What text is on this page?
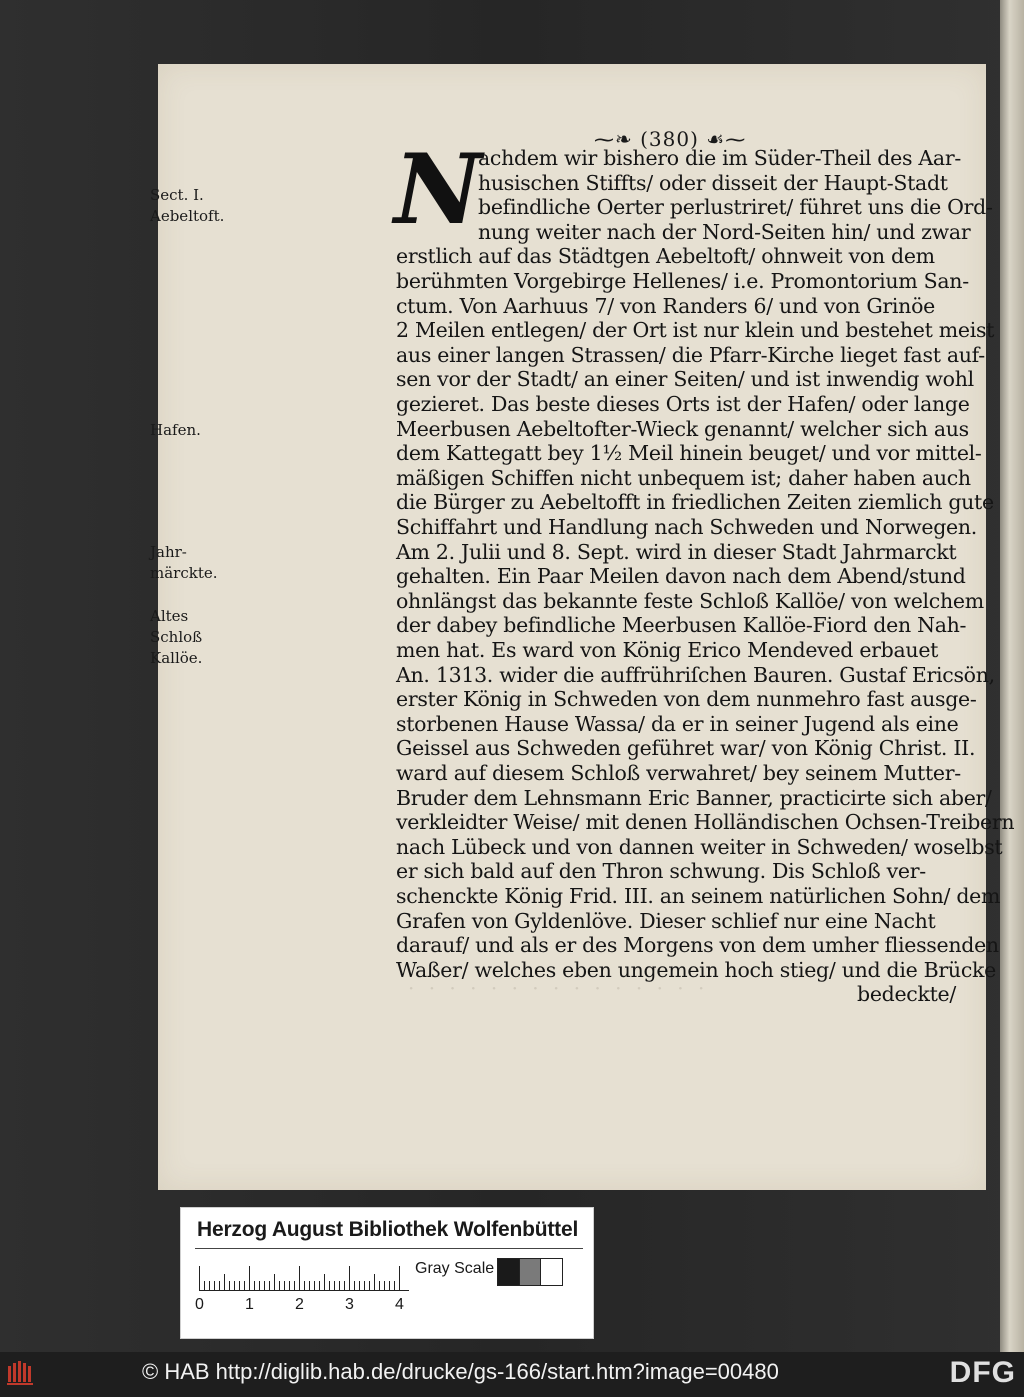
⁓❧ (380) ☙⁓
N
achdem wir bishero die im Süder-Theil des Aar-
husischen Stiffts/ oder disseit der Haupt-Stadt
befindliche Oerter perlustriret/ führet uns die Ord-
nung weiter nach der Nord-Seiten hin/ und zwar
erstlich auf das Städtgen Aebeltoft/ ohnweit von dem
berühmten Vorgebirge Hellenes/ i.e. Promontorium San-
ctum. Von Aarhuus 7/ von Randers 6/ und von Grinöe
2 Meilen entlegen/ der Ort ist nur klein und bestehet meist
aus einer langen Strassen/ die Pfarr-Kirche lieget fast auf-
sen vor der Stadt/ an einer Seiten/ und ist inwendig wohl
gezieret. Das beste dieses Orts ist der Hafen/ oder lange
Meerbusen Aebeltofter-Wieck genannt/ welcher sich aus
dem Kattegatt bey 1½ Meil hinein beuget/ und vor mittel-
mäßigen Schiffen nicht unbequem ist; daher haben auch
die Bürger zu Aebeltofft in friedlichen Zeiten ziemlich gute
Schiffahrt und Handlung nach Schweden und Norwegen.
Am 2. Julii und 8. Sept. wird in dieser Stadt Jahrmarckt
gehalten. Ein Paar Meilen davon nach dem Abend/stund
ohnlängst das bekannte feste Schloß Kallöe/ von welchem
der dabey befindliche Meerbusen Kallöe-Fiord den Nah-
men hat. Es ward von König Erico Mendeved erbauet
An. 1313. wider die auffrühriſchen Bauren. Gustaf Ericsön,
erster König in Schweden von dem nunmehro fast ausge-
storbenen Hause Wassa/ da er in seiner Jugend als eine
Geissel aus Schweden geführet war/ von König Christ. II.
ward auf diesem Schloß verwahret/ bey seinem Mutter-
Bruder dem Lehnsmann Eric Banner, practicirte sich aber/
verkleidter Weise/ mit denen Holländischen Ochsen-Treibern
nach Lübeck und von dannen weiter in Schweden/ woselbst
er sich bald auf den Thron schwung. Dis Schloß ver-
schenckte König Frid. III. an seinem natürlichen Sohn/ dem
Grafen von Gyldenlöve. Dieser schlief nur eine Nacht
darauf/ und als er des Morgens von dem umher fliessenden
Waßer/ welches eben ungemein hoch stieg/ und die Brücke
bedeckte/
Sect. I.
Aebeltoft.
Hafen.
Jahr-
märckte.
Altes
Schloß
Kallöe.
· · · · · · · · · · · · · · ·
Herzog August Bibliothek Wolfenbüttel
0	1	2	3	4
Gray Scale
© HAB http://diglib.hab.de/drucke/gs-166/start.htm?image=00480	DFG
